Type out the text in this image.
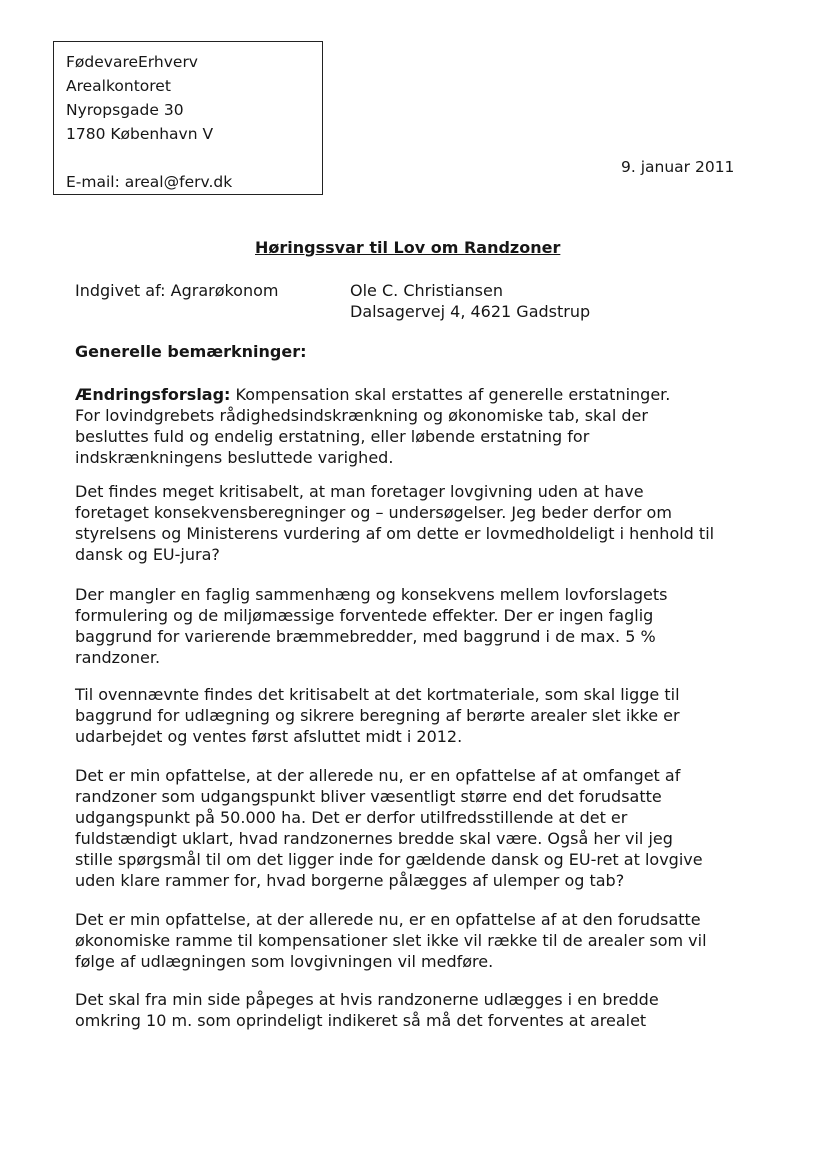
FødevareErhverv
Arealkontoret
Nyropsgade 30
1780 København V
E-mail: areal@ferv.dk
9. januar 2011
Høringssvar til Lov om Randzoner
Indgivet af: Agrarøkonom	Ole C. Christiansen
Dalsagervej 4, 4621 Gadstrup
Generelle bemærkninger:
Ændringsforslag: Kompensation skal erstattes af generelle erstatninger.
For lovindgrebets rådighedsindskrænkning og økonomiske tab, skal der
besluttes fuld og endelig erstatning, eller løbende erstatning for
indskrænkningens besluttede varighed.
Det findes meget kritisabelt, at man foretager lovgivning uden at have
foretaget konsekvensberegninger og – undersøgelser. Jeg beder derfor om
styrelsens og Ministerens vurdering af om dette er lovmedholdeligt i henhold til
dansk og EU-jura?
Der mangler en faglig sammenhæng og konsekvens mellem lovforslagets
formulering og de miljømæssige forventede effekter. Der er ingen faglig
baggrund for varierende bræmmebredder, med baggrund i de max. 5 %
randzoner.
Til ovennævnte findes det kritisabelt at det kortmateriale, som skal ligge til
baggrund for udlægning og sikrere beregning af berørte arealer slet ikke er
udarbejdet og ventes først afsluttet midt i 2012.
Det er min opfattelse, at der allerede nu, er en opfattelse af at omfanget af
randzoner som udgangspunkt bliver væsentligt større end det forudsatte
udgangspunkt på 50.000 ha. Det er derfor utilfredsstillende at det er
fuldstændigt uklart, hvad randzonernes bredde skal være. Også her vil jeg
stille spørgsmål til om det ligger inde for gældende dansk og EU-ret at lovgive
uden klare rammer for, hvad borgerne pålægges af ulemper og tab?
Det er min opfattelse, at der allerede nu, er en opfattelse af at den forudsatte
økonomiske ramme til kompensationer slet ikke vil række til de arealer som vil
følge af udlægningen som lovgivningen vil medføre.
Det skal fra min side påpeges at hvis randzonerne udlægges i en bredde
omkring 10 m. som oprindeligt indikeret så må det forventes at arealet
